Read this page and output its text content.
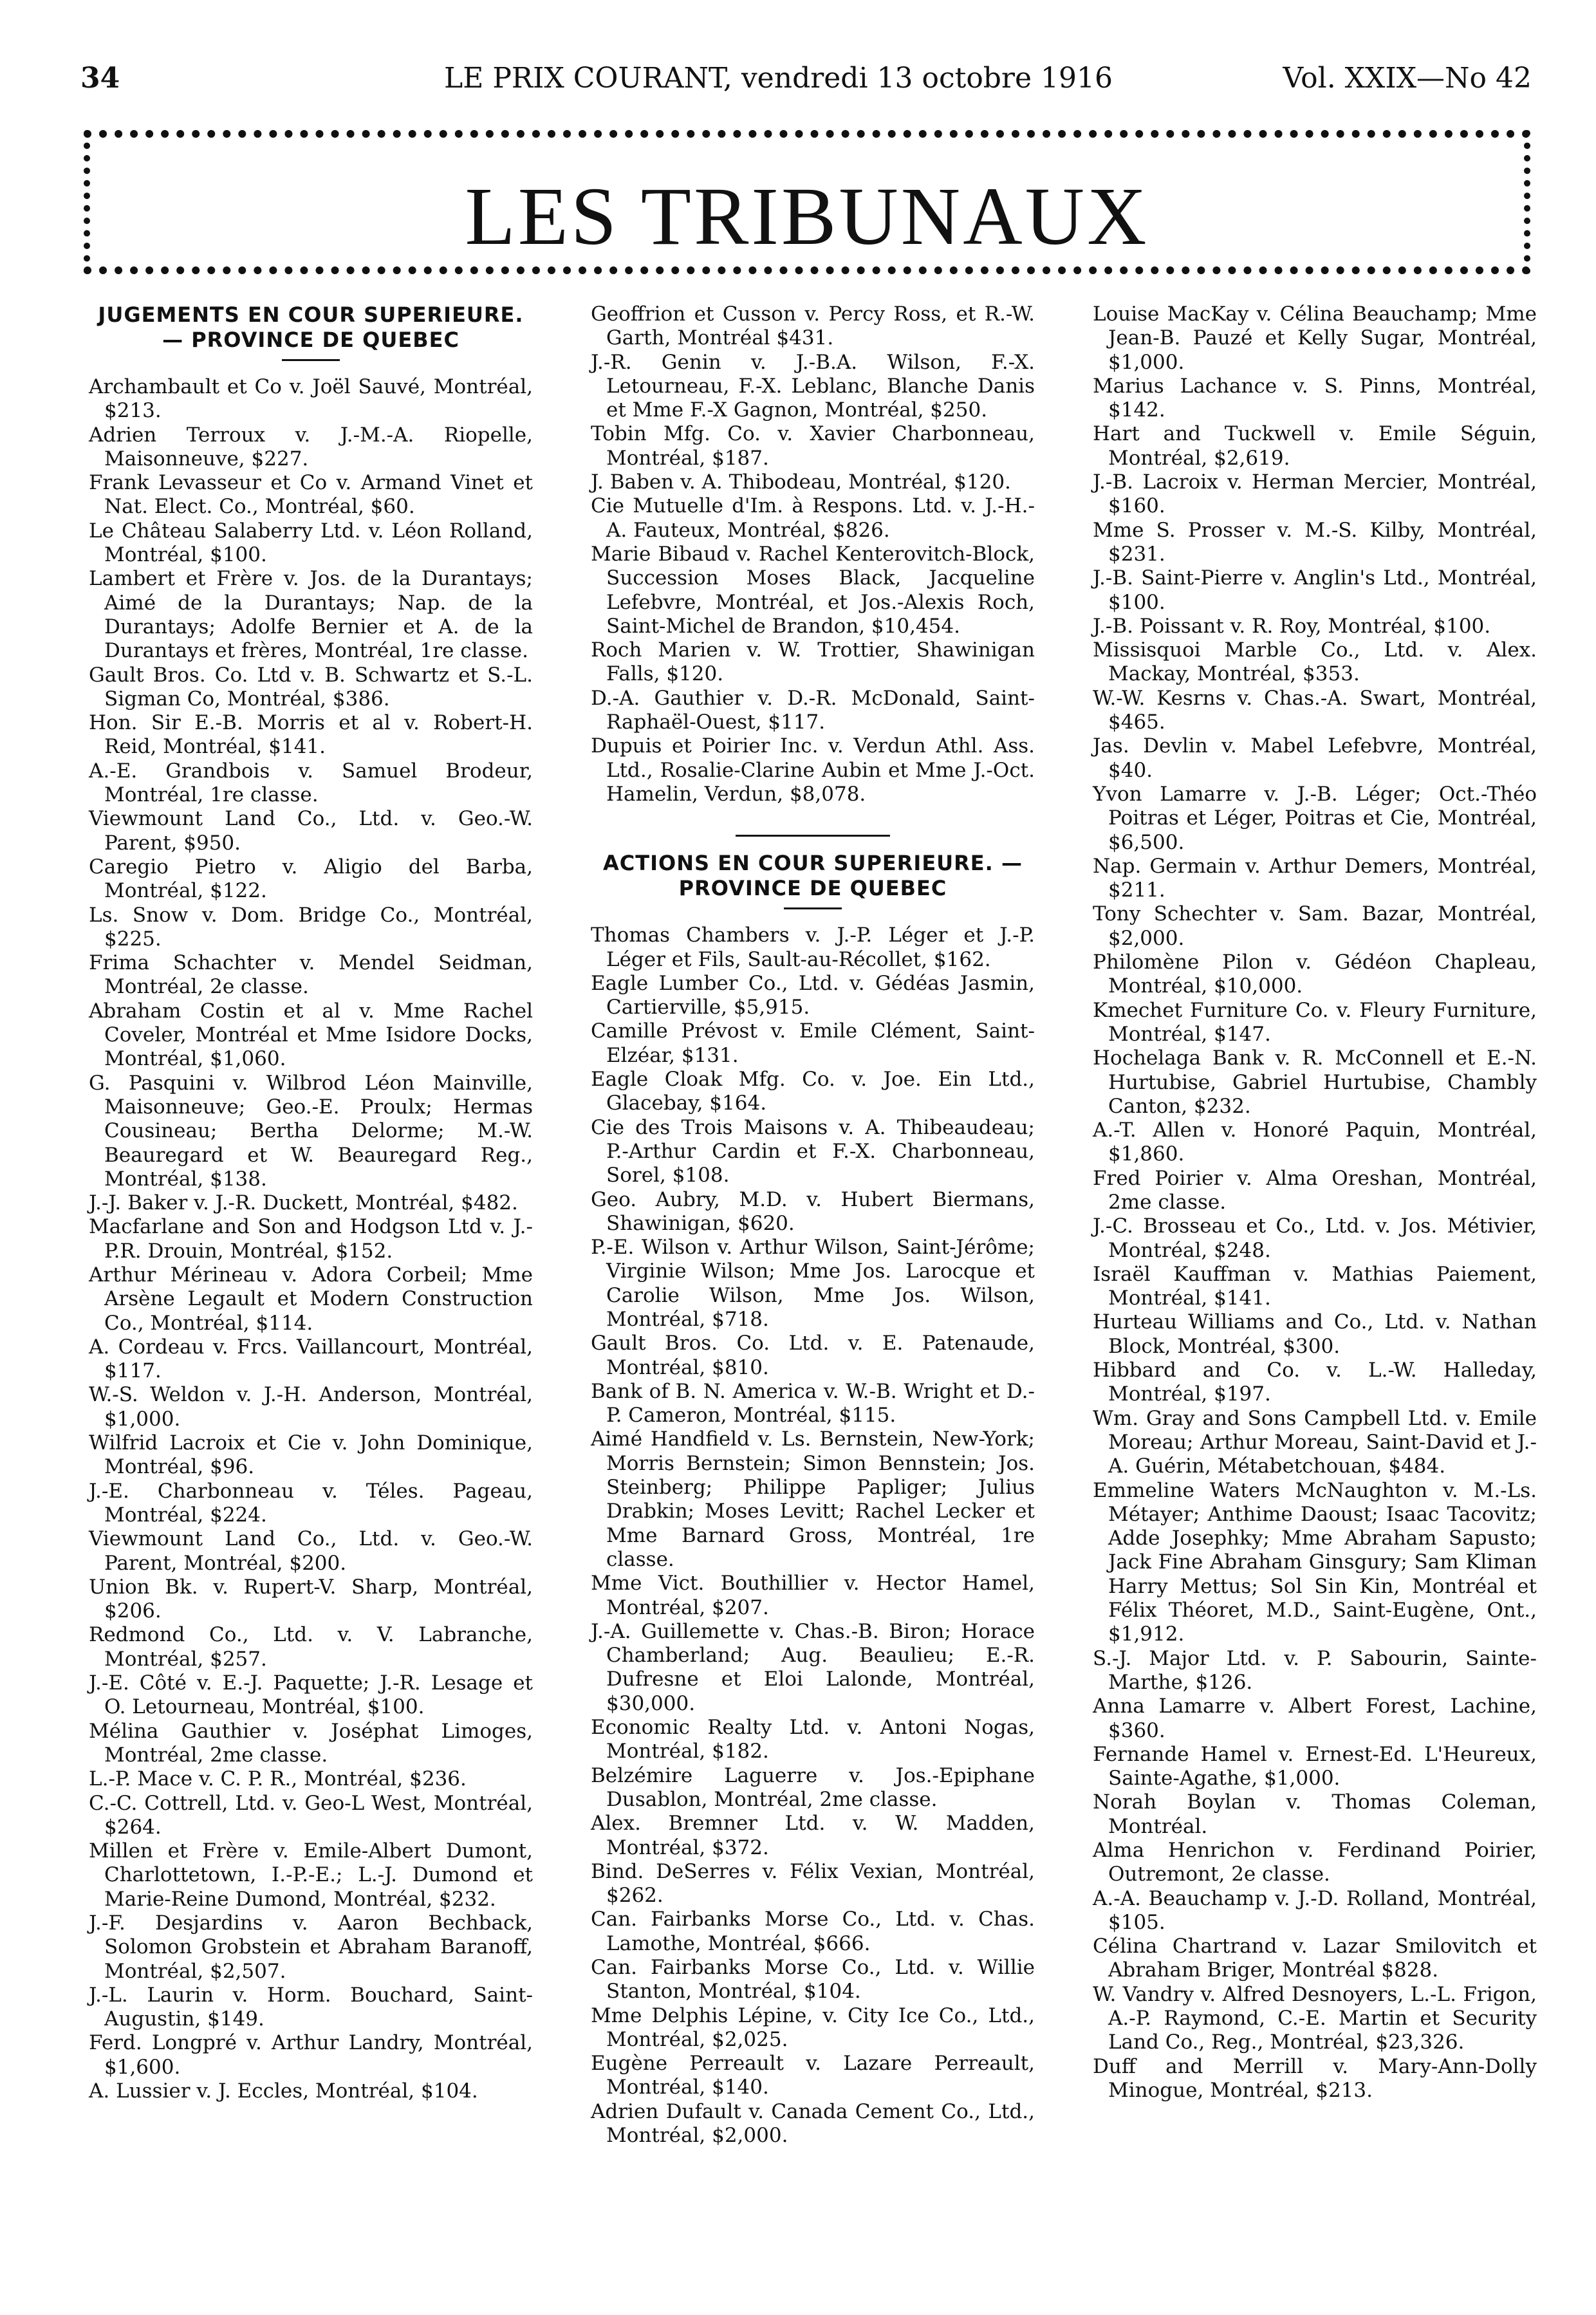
34	LE PRIX COURANT, vendredi 13 octobre 1916	Vol. XXIX—No 42
LES TRIBUNAUX
JUGEMENTS EN COUR SUPERIEURE. — PROVINCE DE QUEBEC
Archambault et Co v. Joël Sauvé, Montréal, $213.
Adrien Terroux v. J.-M.-A. Riopelle, Maisonneuve, $227.
Frank Levasseur et Co v. Armand Vinet et Nat. Elect. Co., Montréal, $60.
Le Château Salaberry Ltd. v. Léon Rolland, Montréal, $100.
Lambert et Frère v. Jos. de la Durantays; Aimé de la Durantays; Nap. de la Durantays; Adolfe Bernier et A. de la Durantays et frères, Montréal, 1re classe.
Gault Bros. Co. Ltd v. B. Schwartz et S.-L. Sigman Co, Montréal, $386.
Hon. Sir E.-B. Morris et al v. Robert-H. Reid, Montréal, $141.
A.-E. Grandbois v. Samuel Brodeur, Montréal, 1re classe.
Viewmount Land Co., Ltd. v. Geo.-W. Parent, $950.
Caregio Pietro v. Aligio del Barba, Montréal, $122.
Ls. Snow v. Dom. Bridge Co., Montréal, $225.
Frima Schachter v. Mendel Seidman, Montréal, 2e classe.
Abraham Costin et al v. Mme Rachel Coveler, Montréal et Mme Isidore Docks, Montréal, $1,060.
G. Pasquini v. Wilbrod Léon Mainville, Maisonneuve; Geo.-E. Proulx; Hermas Cousineau; Bertha Delorme; M.-W. Beauregard et W. Beauregard Reg., Montréal, $138.
J.-J. Baker v. J.-R. Duckett, Montréal, $482.
Macfarlane and Son and Hodgson Ltd v. J.-P.R. Drouin, Montréal, $152.
Arthur Mérineau v. Adora Corbeil; Mme Arsène Legault et Modern Construction Co., Montréal, $114.
A. Cordeau v. Frcs. Vaillancourt, Montréal, $117.
W.-S. Weldon v. J.-H. Anderson, Montréal, $1,000.
Wilfrid Lacroix et Cie v. John Dominique, Montréal, $96.
J.-E. Charbonneau v. Téles. Pageau, Montréal, $224.
Viewmount Land Co., Ltd. v. Geo.-W. Parent, Montréal, $200.
Union Bk. v. Rupert-V. Sharp, Montréal, $206.
Redmond Co., Ltd. v. V. Labranche, Montréal, $257.
J.-E. Côté v. E.-J. Paquette; J.-R. Lesage et O. Letourneau, Montréal, $100.
Mélina Gauthier v. Joséphat Limoges, Montréal, 2me classe.
L.-P. Mace v. C. P. R., Montréal, $236.
C.-C. Cottrell, Ltd. v. Geo-L West, Montréal, $264.
Millen et Frère v. Emile-Albert Dumont, Charlottetown, I.-P.-E.; L.-J. Dumond et Marie-Reine Dumond, Montréal, $232.
J.-F. Desjardins v. Aaron Bechback, Solomon Grobstein et Abraham Baranoff, Montréal, $2,507.
J.-L. Laurin v. Horm. Bouchard, Saint-Augustin, $149.
Ferd. Longpré v. Arthur Landry, Montréal, $1,600.
A. Lussier v. J. Eccles, Montréal, $104.
Geoffrion et Cusson v. Percy Ross, et R.-W. Garth, Montréal $431.
J.-R. Genin v. J.-B.A. Wilson, F.-X. Letourneau, F.-X. Leblanc, Blanche Danis et Mme F.-X Gagnon, Montréal, $250.
Tobin Mfg. Co. v. Xavier Charbonneau, Montréal, $187.
J. Baben v. A. Thibodeau, Montréal, $120.
Cie Mutuelle d'Im. à Respons. Ltd. v. J.-H.-A. Fauteux, Montréal, $826.
Marie Bibaud v. Rachel Kenterovitch-Block, Succession Moses Black, Jacqueline Lefebvre, Montréal, et Jos.-Alexis Roch, Saint-Michel de Brandon, $10,454.
Roch Marien v. W. Trottier, Shawinigan Falls, $120.
D.-A. Gauthier v. D.-R. McDonald, Saint-Raphaël-Ouest, $117.
Dupuis et Poirier Inc. v. Verdun Athl. Ass. Ltd., Rosalie-Clarine Aubin et Mme J.-Oct. Hamelin, Verdun, $8,078.
ACTIONS EN COUR SUPERIEURE. — PROVINCE DE QUEBEC
Thomas Chambers v. J.-P. Léger et J.-P. Léger et Fils, Sault-au-Récollet, $162.
Eagle Lumber Co., Ltd. v. Gédéas Jasmin, Cartierville, $5,915.
Camille Prévost v. Emile Clément, Saint-Elzéar, $131.
Eagle Cloak Mfg. Co. v. Joe. Ein Ltd., Glacebay, $164.
Cie des Trois Maisons v. A. Thibeaudeau; P.-Arthur Cardin et F.-X. Charbonneau, Sorel, $108.
Geo. Aubry, M.D. v. Hubert Biermans, Shawinigan, $620.
P.-E. Wilson v. Arthur Wilson, Saint-Jérôme; Virginie Wilson; Mme Jos. Larocque et Carolie Wilson, Mme Jos. Wilson, Montréal, $718.
Gault Bros. Co. Ltd. v. E. Patenaude, Montréal, $810.
Bank of B. N. America v. W.-B. Wright et D.-P. Cameron, Montréal, $115.
Aimé Handfield v. Ls. Bernstein, New-York; Morris Bernstein; Simon Bennstein; Jos. Steinberg; Philippe Papliger; Julius Drabkin; Moses Levitt; Rachel Lecker et Mme Barnard Gross, Montréal, 1re classe.
Mme Vict. Bouthillier v. Hector Hamel, Montréal, $207.
J.-A. Guillemette v. Chas.-B. Biron; Horace Chamberland; Aug. Beaulieu; E.-R. Dufresne et Eloi Lalonde, Montréal, $30,000.
Economic Realty Ltd. v. Antoni Nogas, Montréal, $182.
Belzémire Laguerre v. Jos.-Epiphane Dusablon, Montréal, 2me classe.
Alex. Bremner Ltd. v. W. Madden, Montréal, $372.
Bind. DeSerres v. Félix Vexian, Montréal, $262.
Can. Fairbanks Morse Co., Ltd. v. Chas. Lamothe, Montréal, $666.
Can. Fairbanks Morse Co., Ltd. v. Willie Stanton, Montréal, $104.
Mme Delphis Lépine, v. City Ice Co., Ltd., Montréal, $2,025.
Eugène Perreault v. Lazare Perreault, Montréal, $140.
Adrien Dufault v. Canada Cement Co., Ltd., Montréal, $2,000.
Louise MacKay v. Célina Beauchamp; Mme Jean-B. Pauzé et Kelly Sugar, Montréal, $1,000.
Marius Lachance v. S. Pinns, Montréal, $142.
Hart and Tuckwell v. Emile Séguin, Montréal, $2,619.
J.-B. Lacroix v. Herman Mercier, Montréal, $160.
Mme S. Prosser v. M.-S. Kilby, Montréal, $231.
J.-B. Saint-Pierre v. Anglin's Ltd., Montréal, $100.
J.-B. Poissant v. R. Roy, Montréal, $100.
Missisquoi Marble Co., Ltd. v. Alex. Mackay, Montréal, $353.
W.-W. Kesrns v. Chas.-A. Swart, Montréal, $465.
Jas. Devlin v. Mabel Lefebvre, Montréal, $40.
Yvon Lamarre v. J.-B. Léger; Oct.-Théo Poitras et Léger, Poitras et Cie, Montréal, $6,500.
Nap. Germain v. Arthur Demers, Montréal, $211.
Tony Schechter v. Sam. Bazar, Montréal, $2,000.
Philomène Pilon v. Gédéon Chapleau, Montréal, $10,000.
Kmechet Furniture Co. v. Fleury Furniture, Montréal, $147.
Hochelaga Bank v. R. McConnell et E.-N. Hurtubise, Gabriel Hurtubise, Chambly Canton, $232.
A.-T. Allen v. Honoré Paquin, Montréal, $1,860.
Fred Poirier v. Alma Oreshan, Montréal, 2me classe.
J.-C. Brosseau et Co., Ltd. v. Jos. Métivier, Montréal, $248.
Israël Kauffman v. Mathias Paiement, Montréal, $141.
Hurteau Williams and Co., Ltd. v. Nathan Block, Montréal, $300.
Hibbard and Co. v. L.-W. Halleday, Montréal, $197.
Wm. Gray and Sons Campbell Ltd. v. Emile Moreau; Arthur Moreau, Saint-David et J.-A. Guérin, Métabetchouan, $484.
Emmeline Waters McNaughton v. M.-Ls. Métayer; Anthime Daoust; Isaac Tacovitz; Adde Josephky; Mme Abraham Sapusto; Jack Fine Abraham Ginsgury; Sam Kliman Harry Mettus; Sol Sin Kin, Montréal et Félix Théoret, M.D., Saint-Eugène, Ont., $1,912.
S.-J. Major Ltd. v. P. Sabourin, Sainte-Marthe, $126.
Anna Lamarre v. Albert Forest, Lachine, $360.
Fernande Hamel v. Ernest-Ed. L'Heureux, Sainte-Agathe, $1,000.
Norah Boylan v. Thomas Coleman, Montréal.
Alma Henrichon v. Ferdinand Poirier, Outremont, 2e classe.
A.-A. Beauchamp v. J.-D. Rolland, Montréal, $105.
Célina Chartrand v. Lazar Smilovitch et Abraham Briger, Montréal $828.
W. Vandry v. Alfred Desnoyers, L.-L. Frigon, A.-P. Raymond, C.-E. Martin et Security Land Co., Reg., Montréal, $23,326.
Duff and Merrill v. Mary-Ann-Dolly Minogue, Montréal, $213.
